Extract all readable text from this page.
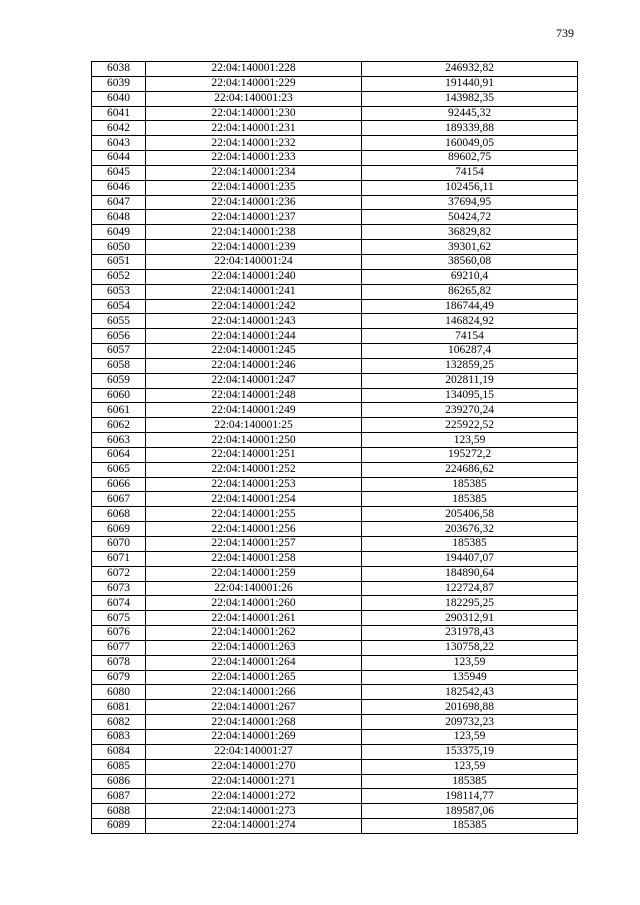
739
6038	22:04:140001:228	246932,82
6039	22:04:140001:229	191440,91
6040	22:04:140001:23	143982,35
6041	22:04:140001:230	92445,32
6042	22:04:140001:231	189339,88
6043	22:04:140001:232	160049,05
6044	22:04:140001:233	89602,75
6045	22:04:140001:234	74154
6046	22:04:140001:235	102456,11
6047	22:04:140001:236	37694,95
6048	22:04:140001:237	50424,72
6049	22:04:140001:238	36829,82
6050	22:04:140001:239	39301,62
6051	22:04:140001:24	38560,08
6052	22:04:140001:240	69210,4
6053	22:04:140001:241	86265,82
6054	22:04:140001:242	186744,49
6055	22:04:140001:243	146824,92
6056	22:04:140001:244	74154
6057	22:04:140001:245	106287,4
6058	22:04:140001:246	132859,25
6059	22:04:140001:247	202811,19
6060	22:04:140001:248	134095,15
6061	22:04:140001:249	239270,24
6062	22:04:140001:25	225922,52
6063	22:04:140001:250	123,59
6064	22:04:140001:251	195272,2
6065	22:04:140001:252	224686,62
6066	22:04:140001:253	185385
6067	22:04:140001:254	185385
6068	22:04:140001:255	205406,58
6069	22:04:140001:256	203676,32
6070	22:04:140001:257	185385
6071	22:04:140001:258	194407,07
6072	22:04:140001:259	184890,64
6073	22:04:140001:26	122724,87
6074	22:04:140001:260	182295,25
6075	22:04:140001:261	290312,91
6076	22:04:140001:262	231978,43
6077	22:04:140001:263	130758,22
6078	22:04:140001:264	123,59
6079	22:04:140001:265	135949
6080	22:04:140001:266	182542,43
6081	22:04:140001:267	201698,88
6082	22:04:140001:268	209732,23
6083	22:04:140001:269	123,59
6084	22:04:140001:27	153375,19
6085	22:04:140001:270	123,59
6086	22:04:140001:271	185385
6087	22:04:140001:272	198114,77
6088	22:04:140001:273	189587,06
6089	22:04:140001:274	185385
